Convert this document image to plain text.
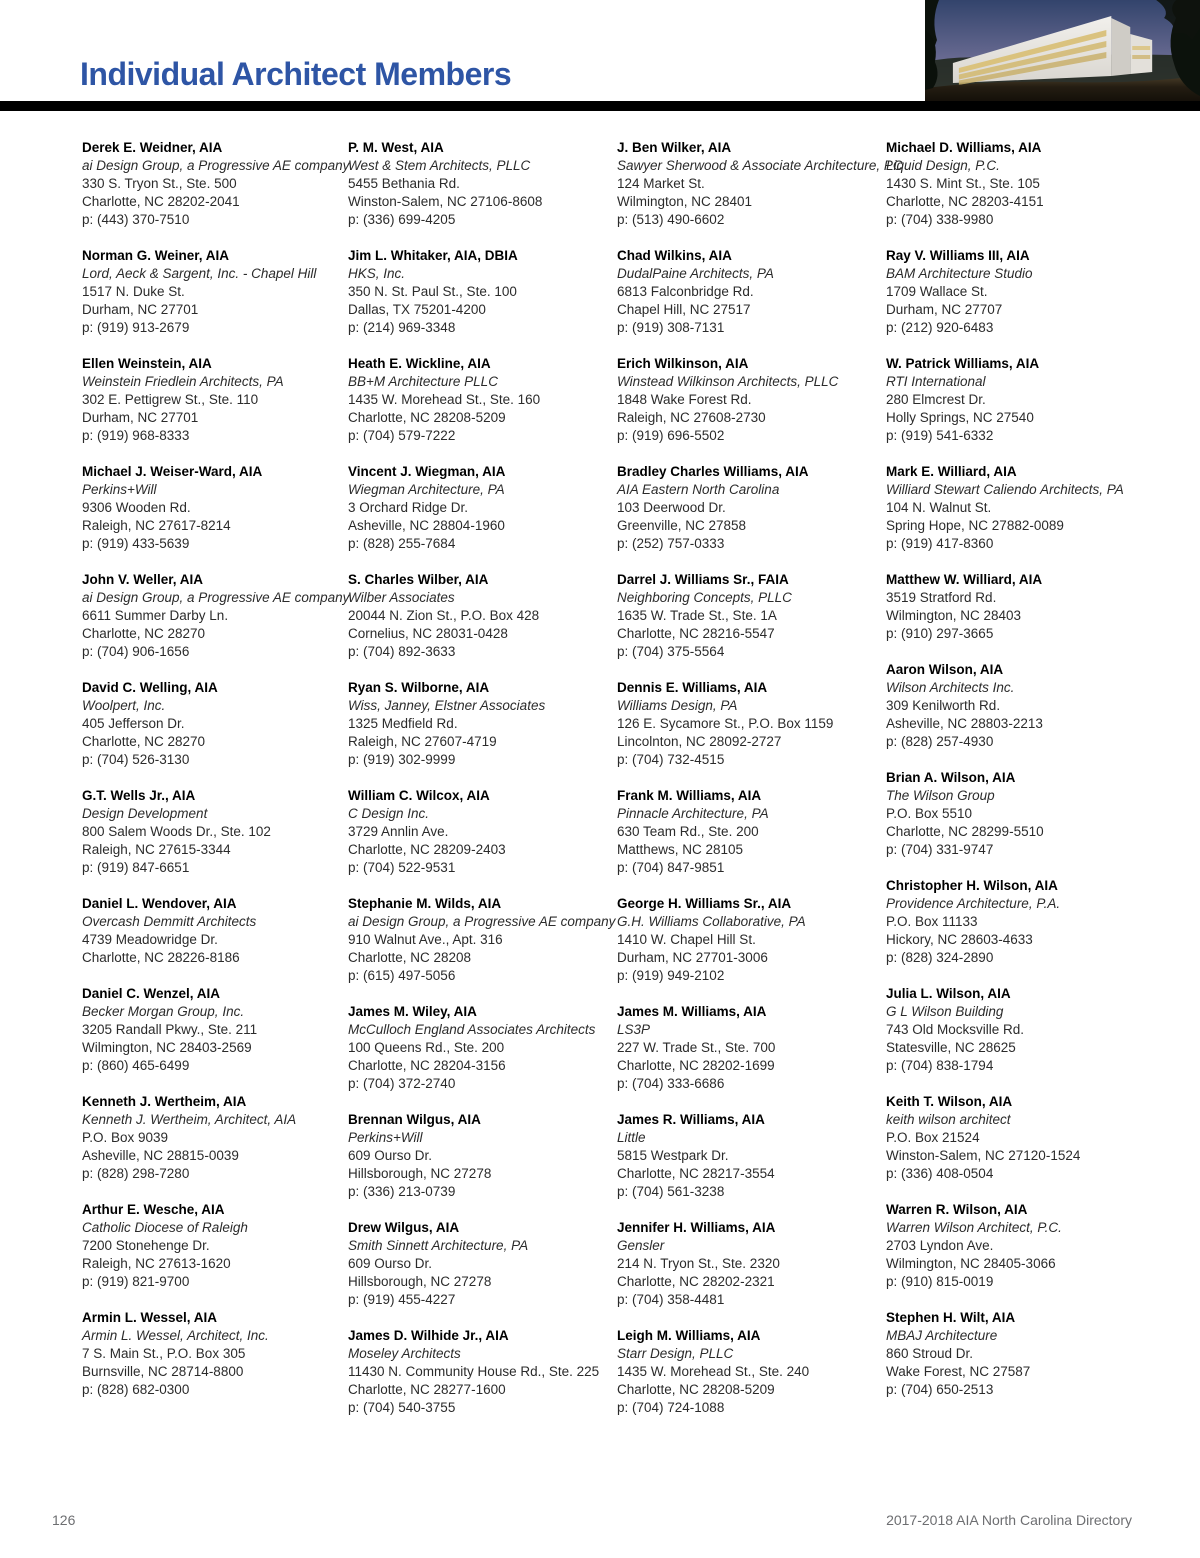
Individual Architect Members
Derek E. Weidner, AIA
ai Design Group, a Progressive AE company
330 S. Tryon St., Ste. 500
Charlotte, NC 28202-2041
p: (443) 370-7510
Norman G. Weiner, AIA
Lord, Aeck & Sargent, Inc. - Chapel Hill
1517 N. Duke St.
Durham, NC 27701
p: (919) 913-2679
Ellen Weinstein, AIA
Weinstein Friedlein Architects, PA
302 E. Pettigrew St., Ste. 110
Durham, NC 27701
p: (919) 968-8333
Michael J. Weiser-Ward, AIA
Perkins+Will
9306 Wooden Rd.
Raleigh, NC 27617-8214
p: (919) 433-5639
John V. Weller, AIA
ai Design Group, a Progressive AE company
6611 Summer Darby Ln.
Charlotte, NC 28270
p: (704) 906-1656
David C. Welling, AIA
Woolpert, Inc.
405 Jefferson Dr.
Charlotte, NC 28270
p: (704) 526-3130
G.T. Wells Jr., AIA
Design Development
800 Salem Woods Dr., Ste. 102
Raleigh, NC 27615-3344
p: (919) 847-6651
Daniel L. Wendover, AIA
Overcash Demmitt Architects
4739 Meadowridge Dr.
Charlotte, NC 28226-8186
Daniel C. Wenzel, AIA
Becker Morgan Group, Inc.
3205 Randall Pkwy., Ste. 211
Wilmington, NC 28403-2569
p: (860) 465-6499
Kenneth J. Wertheim, AIA
Kenneth J. Wertheim, Architect, AIA
P.O. Box 9039
Asheville, NC 28815-0039
p: (828) 298-7280
Arthur E. Wesche, AIA
Catholic Diocese of Raleigh
7200 Stonehenge Dr.
Raleigh, NC 27613-1620
p: (919) 821-9700
Armin L. Wessel, AIA
Armin L. Wessel, Architect, Inc.
7 S. Main St., P.O. Box 305
Burnsville, NC 28714-8800
p: (828) 682-0300
P. M. West, AIA
West & Stem Architects, PLLC
5455 Bethania Rd.
Winston-Salem, NC 27106-8608
p: (336) 699-4205
Jim L. Whitaker, AIA, DBIA
HKS, Inc.
350 N. St. Paul St., Ste. 100
Dallas, TX 75201-4200
p: (214) 969-3348
Heath E. Wickline, AIA
BB+M Architecture PLLC
1435 W. Morehead St., Ste. 160
Charlotte, NC 28208-5209
p: (704) 579-7222
Vincent J. Wiegman, AIA
Wiegman Architecture, PA
3 Orchard Ridge Dr.
Asheville, NC 28804-1960
p: (828) 255-7684
S. Charles Wilber, AIA
Wilber Associates
20044 N. Zion St., P.O. Box 428
Cornelius, NC 28031-0428
p: (704) 892-3633
Ryan S. Wilborne, AIA
Wiss, Janney, Elstner Associates
1325 Medfield Rd.
Raleigh, NC 27607-4719
p: (919) 302-9999
William C. Wilcox, AIA
C Design Inc.
3729 Annlin Ave.
Charlotte, NC 28209-2403
p: (704) 522-9531
Stephanie M. Wilds, AIA
ai Design Group, a Progressive AE company
910 Walnut Ave., Apt. 316
Charlotte, NC 28208
p: (615) 497-5056
James M. Wiley, AIA
McCulloch England Associates Architects
100 Queens Rd., Ste. 200
Charlotte, NC 28204-3156
p: (704) 372-2740
Brennan Wilgus, AIA
Perkins+Will
609 Ourso Dr.
Hillsborough, NC 27278
p: (336) 213-0739
Drew Wilgus, AIA
Smith Sinnett Architecture, PA
609 Ourso Dr.
Hillsborough, NC 27278
p: (919) 455-4227
James D. Wilhide Jr., AIA
Moseley Architects
11430 N. Community House Rd., Ste. 225
Charlotte, NC 28277-1600
p: (704) 540-3755
J. Ben Wilker, AIA
Sawyer Sherwood & Associate Architecture, PC
124 Market St.
Wilmington, NC 28401
p: (513) 490-6602
Chad Wilkins, AIA
DudalPaine Architects, PA
6813 Falconbridge Rd.
Chapel Hill, NC 27517
p: (919) 308-7131
Erich Wilkinson, AIA
Winstead Wilkinson Architects, PLLC
1848 Wake Forest Rd.
Raleigh, NC 27608-2730
p: (919) 696-5502
Bradley Charles Williams, AIA
AIA Eastern North Carolina
103 Deerwood Dr.
Greenville, NC 27858
p: (252) 757-0333
Darrel J. Williams Sr., FAIA
Neighboring Concepts, PLLC
1635 W. Trade St., Ste. 1A
Charlotte, NC 28216-5547
p: (704) 375-5564
Dennis E. Williams, AIA
Williams Design, PA
126 E. Sycamore St., P.O. Box 1159
Lincolnton, NC 28092-2727
p: (704) 732-4515
Frank M. Williams, AIA
Pinnacle Architecture, PA
630 Team Rd., Ste. 200
Matthews, NC 28105
p: (704) 847-9851
George H. Williams Sr., AIA
G.H. Williams Collaborative, PA
1410 W. Chapel Hill St.
Durham, NC 27701-3006
p: (919) 949-2102
James M. Williams, AIA
LS3P
227 W. Trade St., Ste. 700
Charlotte, NC 28202-1699
p: (704) 333-6686
James R. Williams, AIA
Little
5815 Westpark Dr.
Charlotte, NC 28217-3554
p: (704) 561-3238
Jennifer H. Williams, AIA
Gensler
214 N. Tryon St., Ste. 2320
Charlotte, NC 28202-2321
p: (704) 358-4481
Leigh M. Williams, AIA
Starr Design, PLLC
1435 W. Morehead St., Ste. 240
Charlotte, NC 28208-5209
p: (704) 724-1088
Michael D. Williams, AIA
Liquid Design, P.C.
1430 S. Mint St., Ste. 105
Charlotte, NC 28203-4151
p: (704) 338-9980
Ray V. Williams III, AIA
BAM Architecture Studio
1709 Wallace St.
Durham, NC 27707
p: (212) 920-6483
W. Patrick Williams, AIA
RTI International
280 Elmcrest Dr.
Holly Springs, NC 27540
p: (919) 541-6332
Mark E. Williard, AIA
Williard Stewart Caliendo Architects, PA
104 N. Walnut St.
Spring Hope, NC 27882-0089
p: (919) 417-8360
Matthew W. Williard, AIA
3519 Stratford Rd.
Wilmington, NC 28403
p: (910) 297-3665
Aaron Wilson, AIA
Wilson Architects Inc.
309 Kenilworth Rd.
Asheville, NC 28803-2213
p: (828) 257-4930
Brian A. Wilson, AIA
The Wilson Group
P.O. Box 5510
Charlotte, NC 28299-5510
p: (704) 331-9747
Christopher H. Wilson, AIA
Providence Architecture, P.A.
P.O. Box 11133
Hickory, NC 28603-4633
p: (828) 324-2890
Julia L. Wilson, AIA
G L Wilson Building
743 Old Mocksville Rd.
Statesville, NC 28625
p: (704) 838-1794
Keith T. Wilson, AIA
keith wilson architect
P.O. Box 21524
Winston-Salem, NC 27120-1524
p: (336) 408-0504
Warren R. Wilson, AIA
Warren Wilson Architect, P.C.
2703 Lyndon Ave.
Wilmington, NC 28405-3066
p: (910) 815-0019
Stephen H. Wilt, AIA
MBAJ Architecture
860 Stroud Dr.
Wake Forest, NC 27587
p: (704) 650-2513
126	2017-2018 AIA North Carolina Directory
